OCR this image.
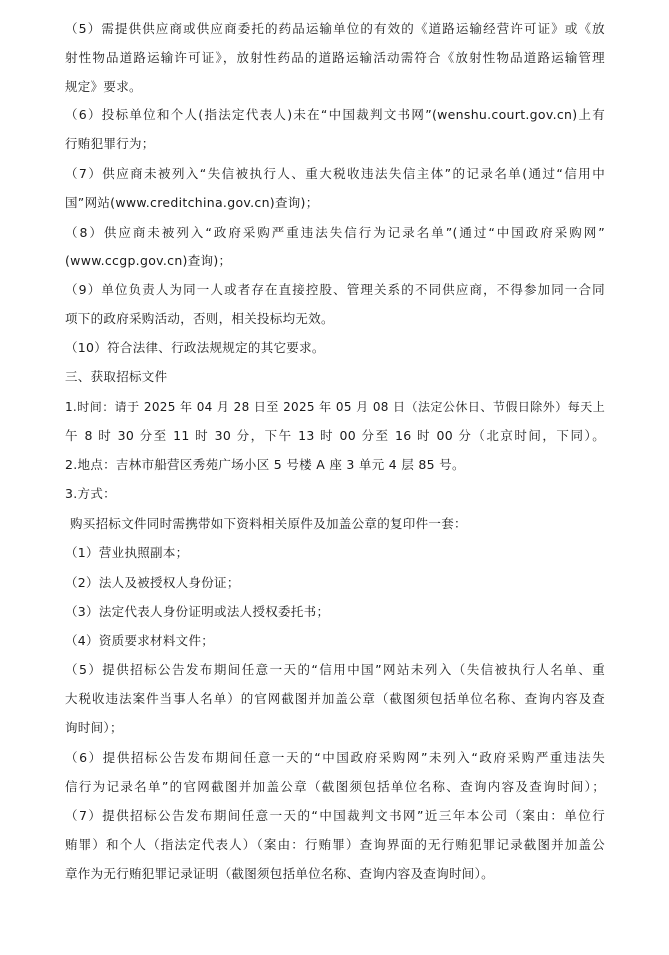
（5）需提供供应商或供应商委托的药品运输单位的有效的《道路运输经营许可证》或《放
射性物品道路运输许可证》，放射性药品的道路运输活动需符合《放射性物品道路运输管理
规定》要求。
（6）投标单位和个人(指法定代表人)未在“中国裁判文书网”(wenshu.court.gov.cn)上有
行贿犯罪行为；
（7）供应商未被列入“失信被执行人、重大税收违法失信主体”的记录名单(通过“信用中
国”网站(www.creditchina.gov.cn)查询)；
（8）供应商未被列入“政府采购严重违法失信行为记录名单”(通过“中国政府采购网”
(www.ccgp.gov.cn)查询)；
（9）单位负责人为同一人或者存在直接控股、管理关系的不同供应商，不得参加同一合同
项下的政府采购活动，否则，相关投标均无效。
（10）符合法律、行政法规规定的其它要求。
三、获取招标文件
1.时间：请于 2025 年 04 月 28 日至 2025 年 05 月 08 日（法定公休日、节假日除外）每天上
午 8 时 30 分至 11 时 30 分，下午 13 时 00 分至 16 时 00 分（北京时间，下同）。
2.地点：吉林市船营区秀苑广场小区 5 号楼 A 座 3 单元 4 层 85 号。
3.方式：
购买招标文件同时需携带如下资料相关原件及加盖公章的复印件一套：
（1）营业执照副本；
（2）法人及被授权人身份证；
（3）法定代表人身份证明或法人授权委托书；
（4）资质要求材料文件；
（5）提供招标公告发布期间任意一天的“信用中国”网站未列入（失信被执行人名单、重
大税收违法案件当事人名单）的官网截图并加盖公章（截图须包括单位名称、查询内容及查
询时间）；
（6）提供招标公告发布期间任意一天的“中国政府采购网”未列入“政府采购严重违法失
信行为记录名单”的官网截图并加盖公章（截图须包括单位名称、查询内容及查询时间）；
（7）提供招标公告发布期间任意一天的“中国裁判文书网”近三年本公司（案由：单位行
贿罪）和个人（指法定代表人）（案由：行贿罪）查询界面的无行贿犯罪记录截图并加盖公
章作为无行贿犯罪记录证明（截图须包括单位名称、查询内容及查询时间）。
